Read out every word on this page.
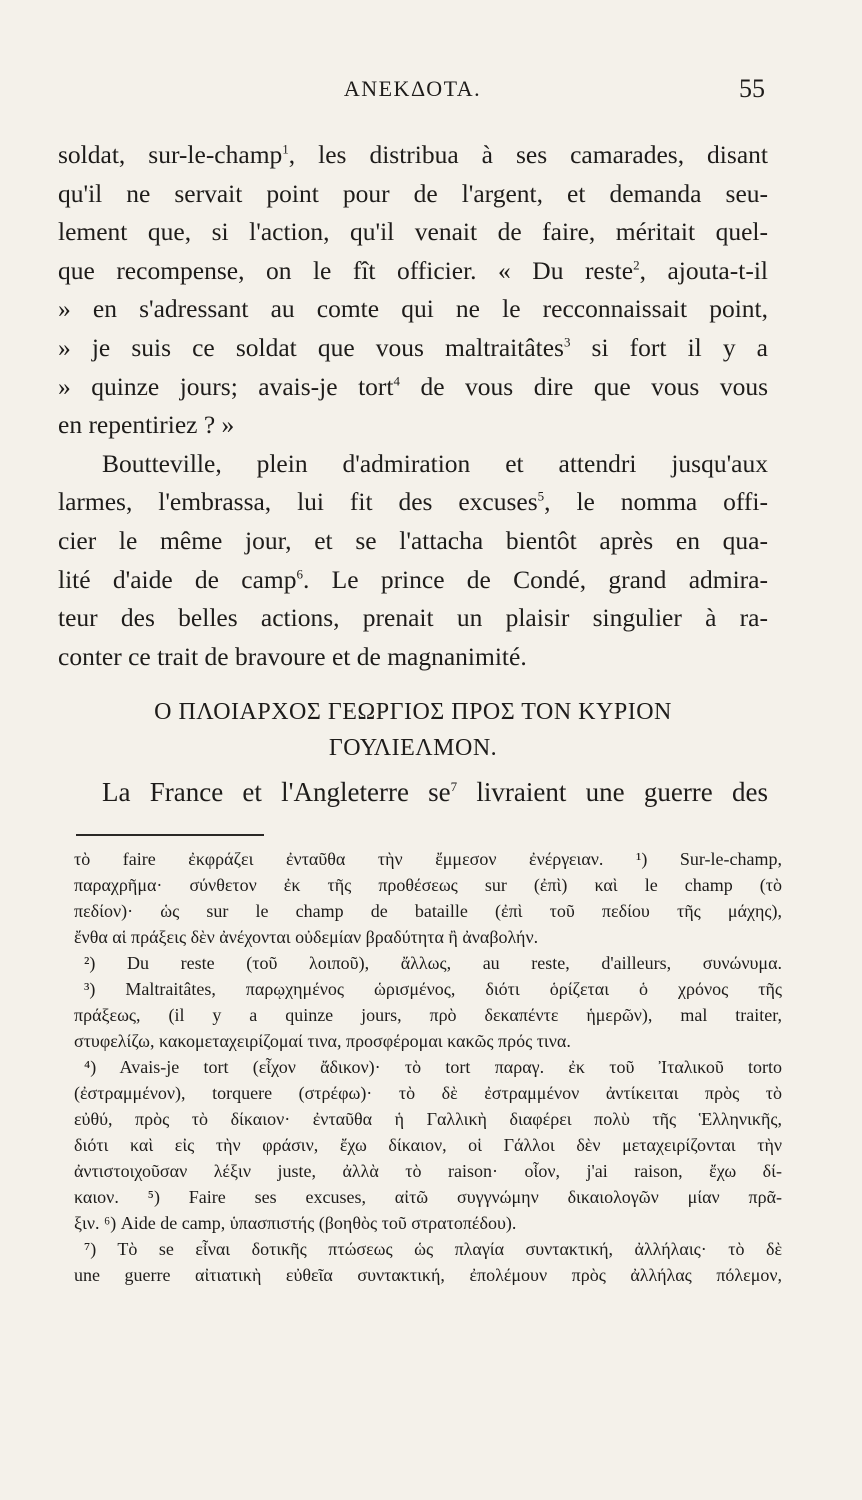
ΑΝΕΚΔΟΤΑ.	55
soldat, sur-le-champ$^1$, les distribua à ses camarades, disant
qu'il ne servait point pour de l'argent, et demanda seu-
lement que, si l'action, qu'il venait de faire, méritait quel-
que recompense, on le fît officier. « Du reste$^2$, ajouta-t-il
» en s'adressant au comte qui ne le recconnaissait point,
» je suis ce soldat que vous maltraitâtes$^3$ si fort il y a
» quinze jours; avais-je tort$^4$ de vous dire que vous vous
en repentiriez ? »
Boutteville, plein d'admiration et attendri jusqu'aux
larmes, l'embrassa, lui fit des excuses$^5$, le nomma offi-
cier le même jour, et se l'attacha bientôt après en qua-
lité d'aide de camp$^6$. Le prince de Condé, grand admira-
teur des belles actions, prenait un plaisir singulier à ra-
conter ce trait de bravoure et de magnanimité.
Ο ΠΛΟΙΑΡΧΟΣ ΓΕΩΡΓΙΟΣ ΠΡΟΣ ΤΟΝ ΚΥΡΙΟΝ
ΓΟΥΛΙΕΛΜΟΝ.
La France et l'Angleterre $se^7$ livraient une guerre des
τὸ faire ἐκφράζει ἐνταῦθα τὴν ἔμμεσον ἐνέργειαν. ¹) Sur-le-champ,
παραχρῆμα· σύνθετον ἐκ τῆς προθέσεως sur (ἐπὶ) καὶ le champ (τὸ
πεδίον)· ὡς sur le champ de bataille (ἐπὶ τοῦ πεδίου τῆς μάχης),
ἔνθα αἱ πράξεις δὲν ἀνέχονται οὐδεμίαν βραδύτητα ἢ ἀναβολήν.
²) Du reste (τοῦ λοιποῦ), ἄλλως, au reste, d'ailleurs, συνώνυμα.
³) Maltraitâtes, παρῳχημένος ὡρισμένος, διότι ὁρίζεται ὁ χρόνος τῆς
πράξεως, (il y a quinze jours, πρὸ δεκαπέντε ἡμερῶν), mal traiter,
στυφελίζω, κακομεταχειρίζομαί τινα, προσφέρομαι κακῶς πρός τινα.
⁴) Avais-je tort (εἶχον ἄδικον)· τὸ tort παραγ. ἐκ τοῦ Ἰταλικοῦ torto
(ἐστραμμένον), torquere (στρέφω)· τὸ δὲ ἐστραμμένον ἀντίκειται πρὸς τὸ
εὐθύ, πρὸς τὸ δίκαιον· ἐνταῦθα ἡ Γαλλικὴ διαφέρει πολὺ τῆς Ἑλληνικῆς,
διότι καὶ εἰς τὴν φράσιν, ἔχω δίκαιον, οἱ Γάλλοι δὲν μεταχειρίζονται τὴν
ἀντιστοιχοῦσαν λέξιν juste, ἀλλὰ τὸ raison· οἷον, j'ai raison, ἔχω δί-
καιον. ⁵) Faire ses excuses, αἰτῶ συγγνώμην δικαιολογῶν μίαν πρᾶ-
ξιν. ⁶) Aide de camp, ὑπασπιστής (βοηθὸς τοῦ στρατοπέδου).
⁷) Τὸ se εἶναι δοτικῆς πτώσεως ὡς πλαγία συντακτική, ἀλλήλαις· τὸ δὲ
une guerre αἰτιατικὴ εὐθεῖα συντακτική, ἐπολέμουν πρὸς ἀλλήλας πόλεμον,
